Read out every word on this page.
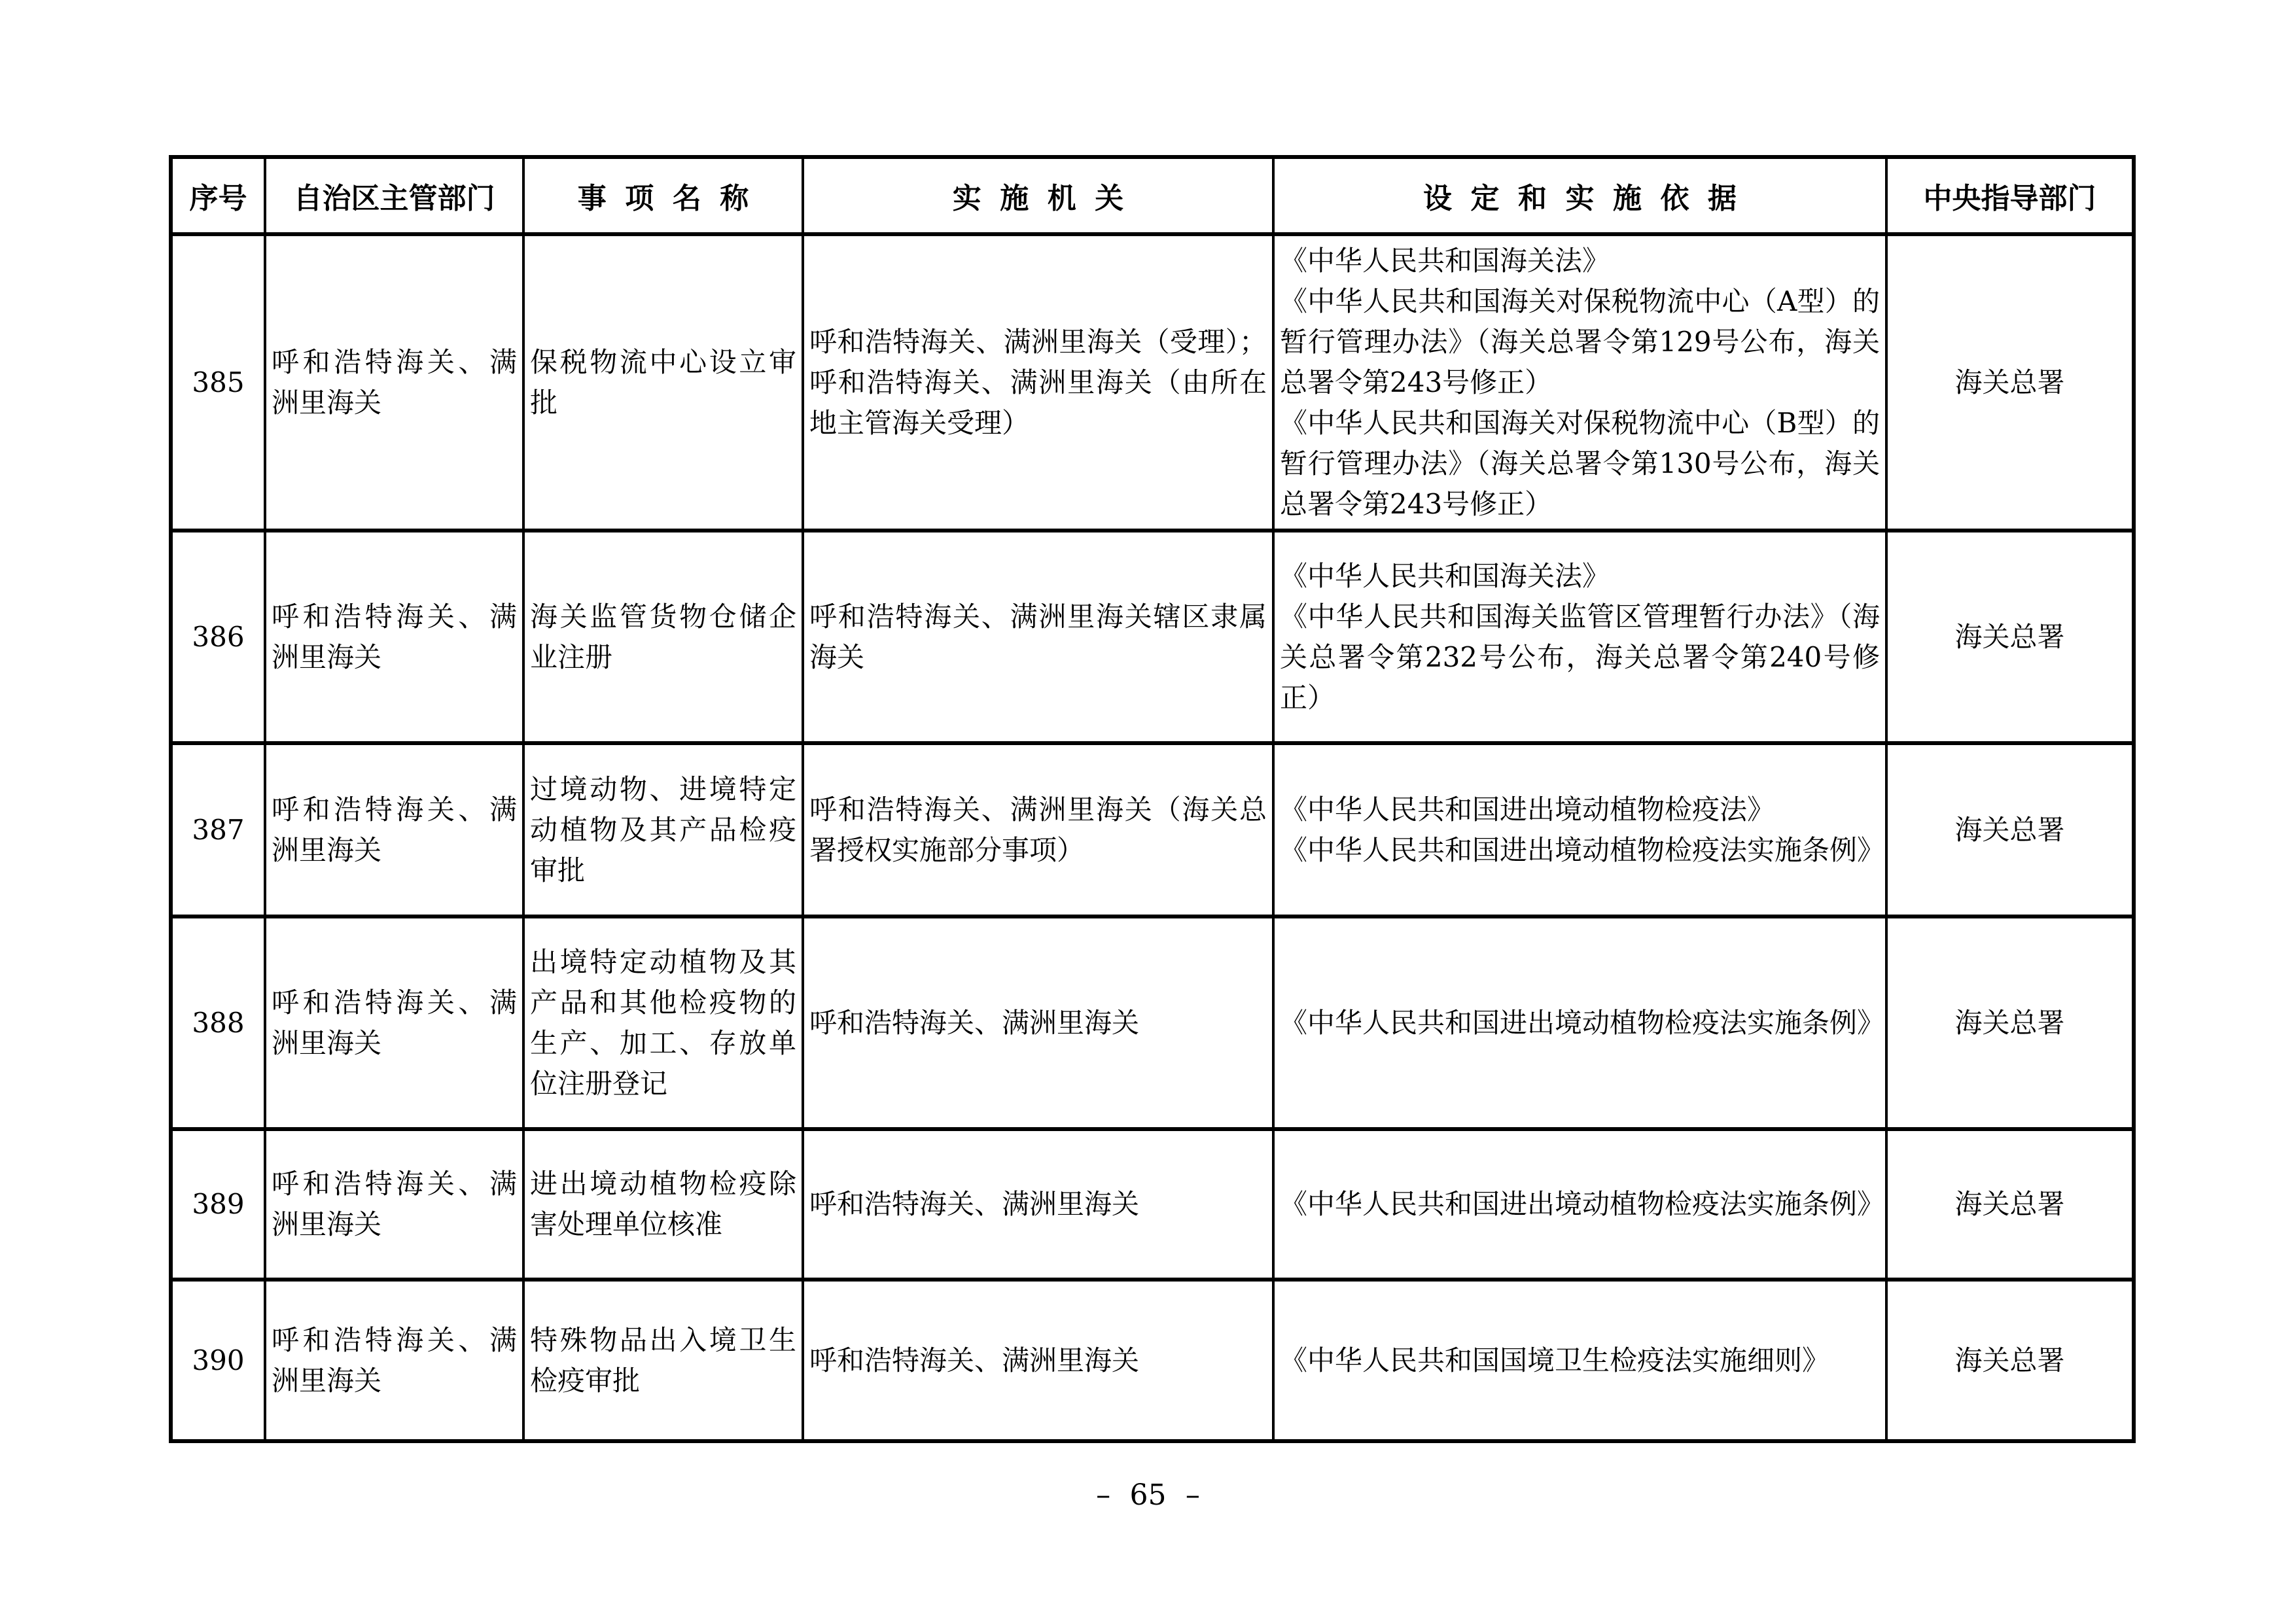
序号	自治区主管部门	事 项 名 称	实 施 机 关	设 定 和 实 施 依 据	中央指导部门
385	呼和浩特海关、满洲里海关	保税物流中心设立审批	呼和浩特海关、满洲里海关（受理）；呼和浩特海关、满洲里海关（由所在地主管海关受理）	《中华人民共和国海关法》
《中华人民共和国海关对保税物流中心（A型）的暂行管理办法》（海关总署令第129号公布，海关总署令第243号修正）
《中华人民共和国海关对保税物流中心（B型）的暂行管理办法》（海关总署令第130号公布，海关总署令第243号修正）	海关总署
386	呼和浩特海关、满洲里海关	海关监管货物仓储企业注册	呼和浩特海关、满洲里海关辖区隶属海关	《中华人民共和国海关法》
《中华人民共和国海关监管区管理暂行办法》（海关总署令第232号公布，海关总署令第240号修正）	海关总署
387	呼和浩特海关、满洲里海关	过境动物、进境特定动植物及其产品检疫审批	呼和浩特海关、满洲里海关（海关总署授权实施部分事项）	《中华人民共和国进出境动植物检疫法》
《中华人民共和国进出境动植物检疫法实施条例》	海关总署
388	呼和浩特海关、满洲里海关	出境特定动植物及其产品和其他检疫物的生产、加工、存放单位注册登记	呼和浩特海关、满洲里海关	《中华人民共和国进出境动植物检疫法实施条例》	海关总署
389	呼和浩特海关、满洲里海关	进出境动植物检疫除害处理单位核准	呼和浩特海关、满洲里海关	《中华人民共和国进出境动植物检疫法实施条例》	海关总署
390	呼和浩特海关、满洲里海关	特殊物品出入境卫生检疫审批	呼和浩特海关、满洲里海关	《中华人民共和国国境卫生检疫法实施细则》	海关总署
– 65 –
